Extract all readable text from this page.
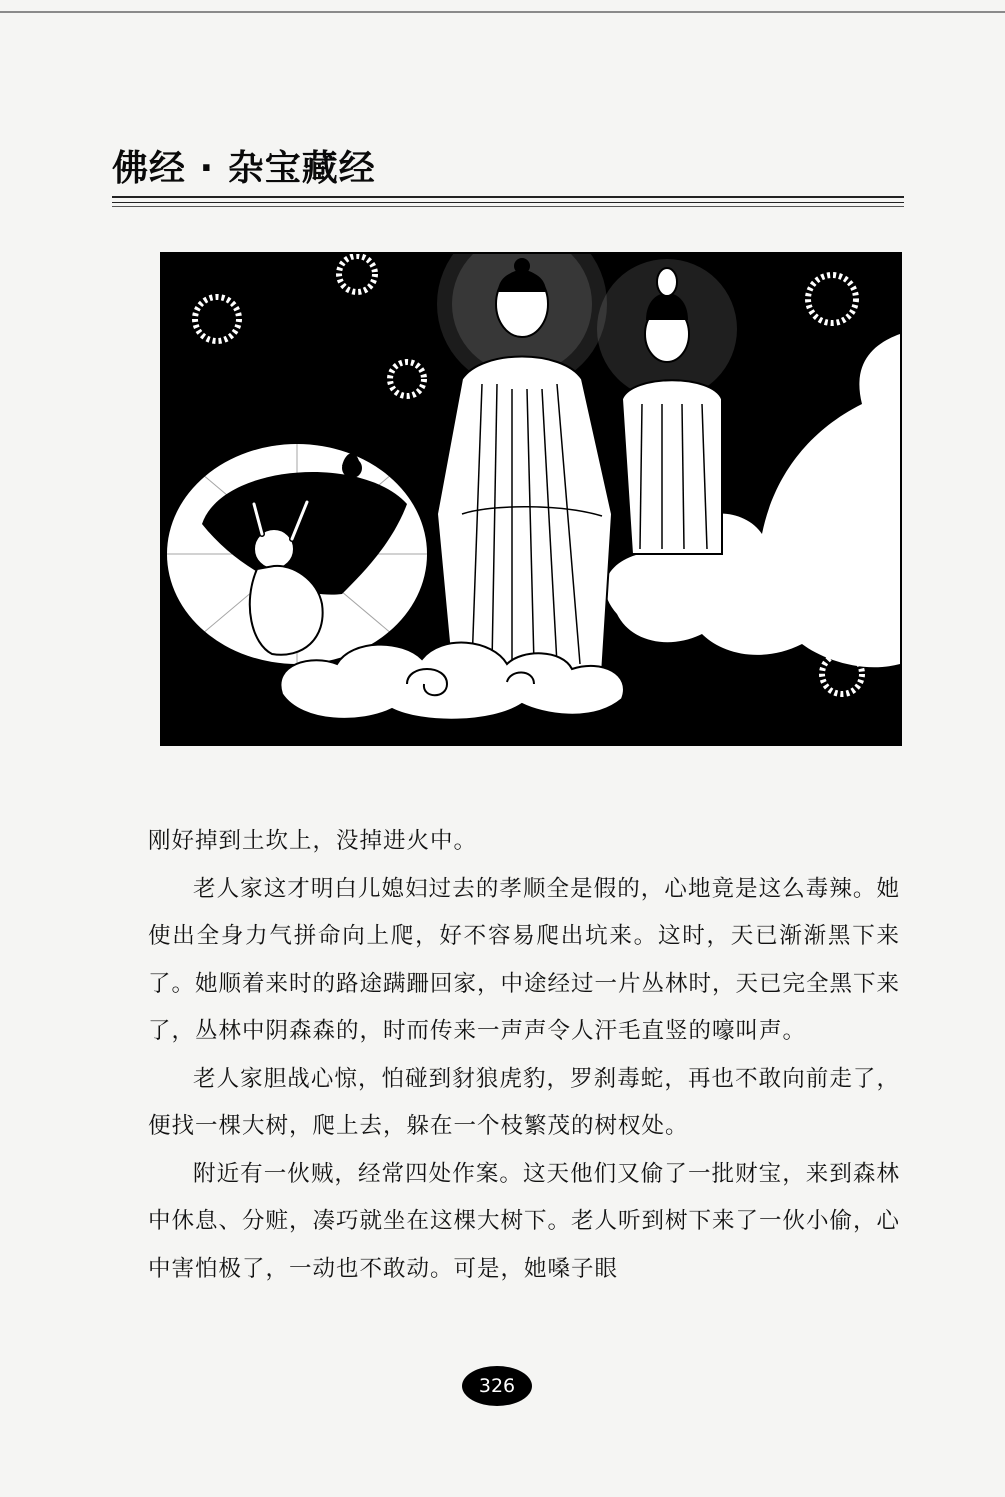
佛经 · 杂宝藏经

刚好掉到土坎上，没掉进火中。

老人家这才明白儿媳妇过去的孝顺全是假的，心地竟是这么毒辣。她使出全身力气拼命向上爬，好不容易爬出坑来。这时，天已渐渐黑下来了。她顺着来时的路途蹒跚回家，中途经过一片丛林时，天已完全黑下来了，丛林中阴森森的，时而传来一声声令人汗毛直竖的嚎叫声。

老人家胆战心惊，怕碰到豺狼虎豹，罗刹毒蛇，再也不敢向前走了，便找一棵大树，爬上去，躲在一个枝繁茂的树杈处。

附近有一伙贼，经常四处作案。这天他们又偷了一批财宝，来到森林中休息、分赃，凑巧就坐在这棵大树下。老人听到树下来了一伙小偷，心中害怕极了，一动也不敢动。可是，她嗓子眼

326
